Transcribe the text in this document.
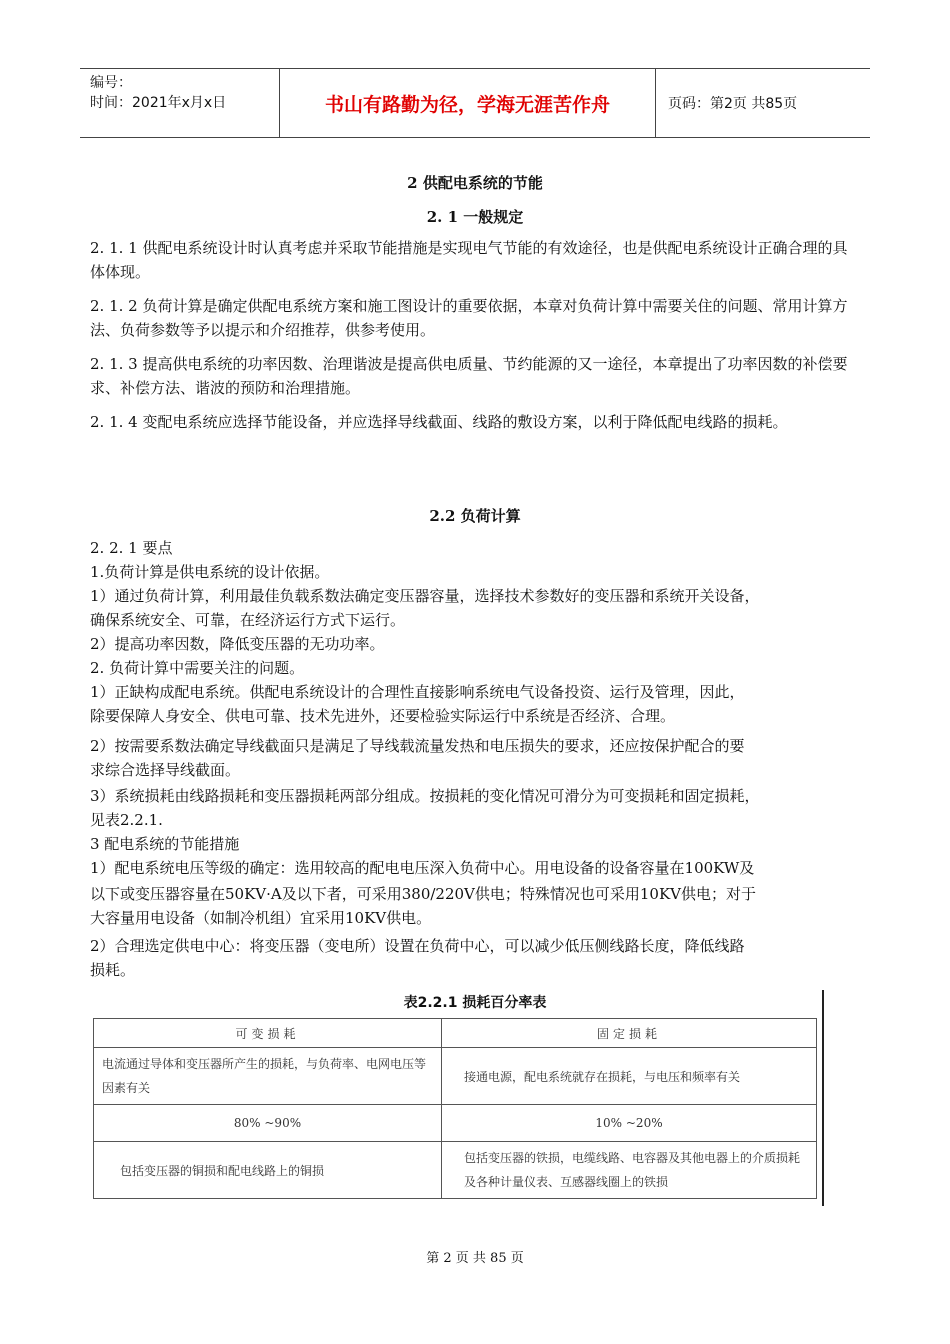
编号：
时间：2021年x月x日	书山有路勤为径，学海无涯苦作舟	页码：第2页 共85页
2 供配电系统的节能
2. 1 一般规定
2. 1. 1 供配电系统设计时认真考虑并采取节能措施是实现电气节能的有效途径，也是供配电系统设计正确合理的具体体现。
2. 1. 2 负荷计算是确定供配电系统方案和施工图设计的重要依据，本章对负荷计算中需要关住的问题、常用计算方法、负荷参数等予以提示和介绍推荐，供参考使用。
2. 1. 3 提高供电系统的功率因数、治理谐波是提高供电质量、节约能源的又一途径，本章提出了功率因数的补偿要求、补偿方法、谐波的预防和治理措施。
2. 1. 4 变配电系统应选择节能设备，并应选择导线截面、线路的敷设方案，以利于降低配电线路的损耗。
2.2 负荷计算
2. 2. 1 要点
1.负荷计算是供电系统的设计依据。
1）通过负荷计算，利用最佳负载系数法确定变压器容量，选择技术参数好的变压器和系统开关设备，
确保系统安全、可靠，在经济运行方式下运行。
2）提高功率因数，降低变压器的无功功率。
2. 负荷计算中需要关注的问题。
1）正缺构成配电系统。供配电系统设计的合理性直接影响系统电气设备投资、运行及管理，因此，
除要保障人身安全、供电可靠、技术先进外，还要检验实际运行中系统是否经济、合理。
2）按需要系数法确定导线截面只是满足了导线载流量发热和电压损失的要求，还应按保护配合的要
求综合选择导线截面。
3）系统损耗由线路损耗和变压器损耗两部分组成。按损耗的变化情况可滑分为可变损耗和固定损耗，
见表2.2.1.
3 配电系统的节能措施
1）配电系统电压等级的确定：选用较高的配电电压深入负荷中心。用电设备的设备容量在100KW及
以下或变压器容量在50KV·A及以下者，可采用380/220V供电；特殊情况也可采用10KV供电；对于
大容量用电设备（如制冷机组）宜采用10KV供电。
2）合理选定供电中心：将变压器（变电所）设置在负荷中心，可以减少低压侧线路长度，降低线路
损耗。
表2.2.1 损耗百分率表
可变损耗	固定损耗
电流通过导体和变压器所产生的损耗，与负荷率、电网电压等因素有关	接通电源，配电系统就存在损耗，与电压和频率有关
80% ~90%	10% ~20%
包括变压器的铜损和配电线路上的铜损	包括变压器的铁损，电缆线路、电容器及其他电器上的介质损耗及各种计量仪表、互感器线圈上的铁损
第 2 页 共 85 页
